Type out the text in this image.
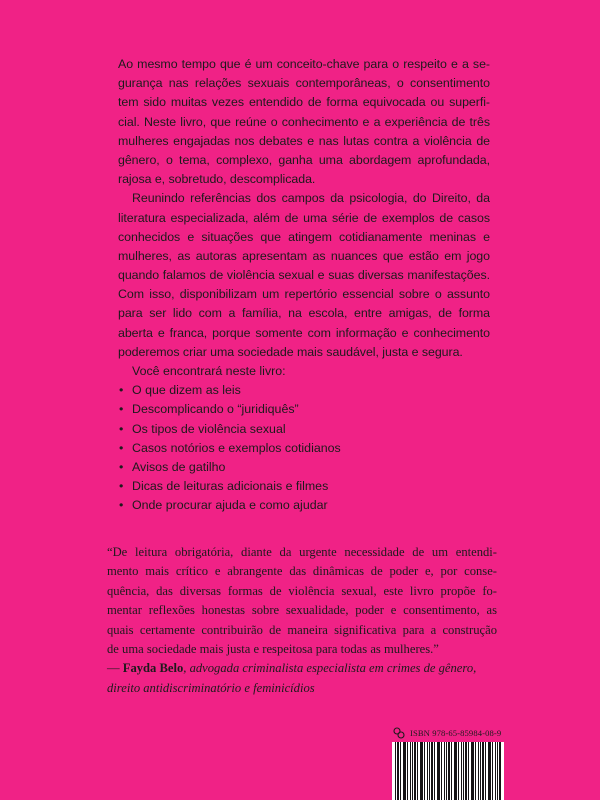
Ao mesmo tempo que é um conceito-chave para o respeito e a se-
gurança nas relações sexuais contemporâneas, o consentimento
tem sido muitas vezes entendido de forma equivocada ou superfi-
cial. Neste livro, que reúne o conhecimento e a experiência de três
mulheres engajadas nos debates e nas lutas contra a violência de
gênero, o tema, complexo, ganha uma abordagem aprofundada,
rajosa e, sobretudo, descomplicada.
Reunindo referências dos campos da psicologia, do Direito, da
literatura especializada, além de uma série de exemplos de casos
conhecidos e situações que atingem cotidianamente meninas e
mulheres, as autoras apresentam as nuances que estão em jogo
quando falamos de violência sexual e suas diversas manifestações.
Com isso, disponibilizam um repertório essencial sobre o assunto
para ser lido com a família, na escola, entre amigas, de forma
aberta e franca, porque somente com informação e conhecimento
poderemos criar uma sociedade mais saudável, justa e segura.
Você encontrará neste livro:
• O que dizem as leis
• Descomplicando o “juridiquês”
• Os tipos de violência sexual
• Casos notórios e exemplos cotidianos
• Avisos de gatilho
• Dicas de leituras adicionais e filmes
• Onde procurar ajuda e como ajudar
“De leitura obrigatória, diante da urgente necessidade de um entendi-
mento mais crítico e abrangente das dinâmicas de poder e, por conse-
quência, das diversas formas de violência sexual, este livro propõe fo-
mentar reflexões honestas sobre sexualidade, poder e consentimento, as
quais certamente contribuirão de maneira significativa para a construção
de uma sociedade mais justa e respeitosa para todas as mulheres.”
— Fayda Belo, advogada criminalista especialista em crimes de gênero,
direito antidiscriminatório e feminicídios
ISBN 978-65-85984-08-9
